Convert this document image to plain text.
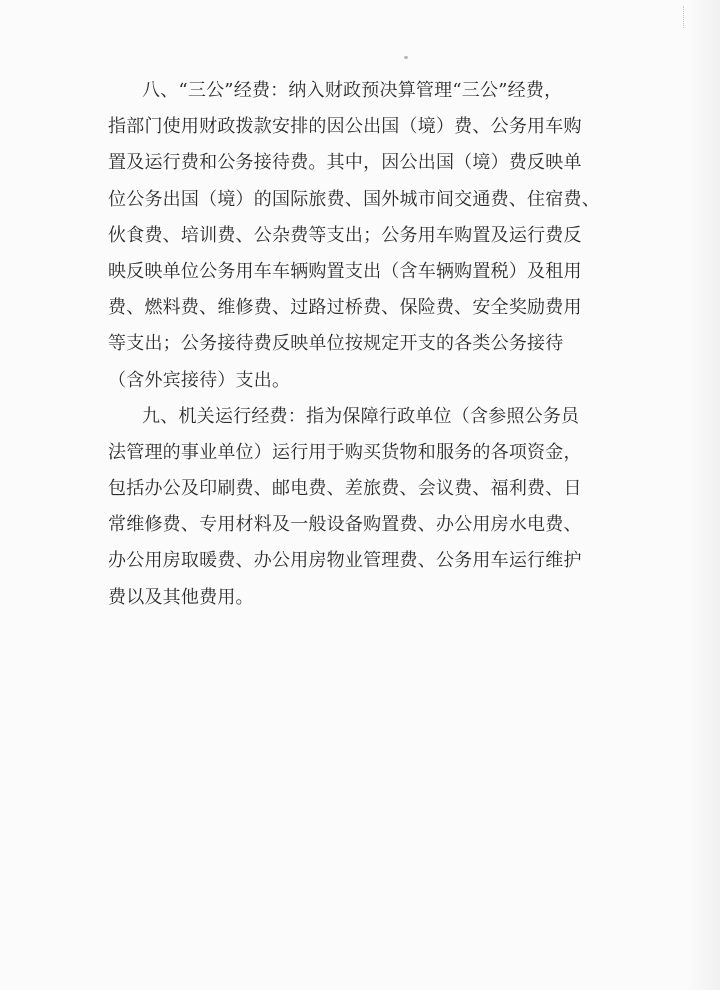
八、“三公”经费：纳入财政预决算管理“三公”经费，
指部门使用财政拨款安排的因公出国（境）费、公务用车购
置及运行费和公务接待费。其中，因公出国（境）费反映单
位公务出国（境）的国际旅费、国外城市间交通费、住宿费、
伙食费、培训费、公杂费等支出；公务用车购置及运行费反
映反映单位公务用车车辆购置支出（含车辆购置税）及租用
费、燃料费、维修费、过路过桥费、保险费、安全奖励费用
等支出；公务接待费反映单位按规定开支的各类公务接待
（含外宾接待）支出。
九、机关运行经费：指为保障行政单位（含参照公务员
法管理的事业单位）运行用于购买货物和服务的各项资金，
包括办公及印刷费、邮电费、差旅费、会议费、福利费、日
常维修费、专用材料及一般设备购置费、办公用房水电费、
办公用房取暖费、办公用房物业管理费、公务用车运行维护
费以及其他费用。
